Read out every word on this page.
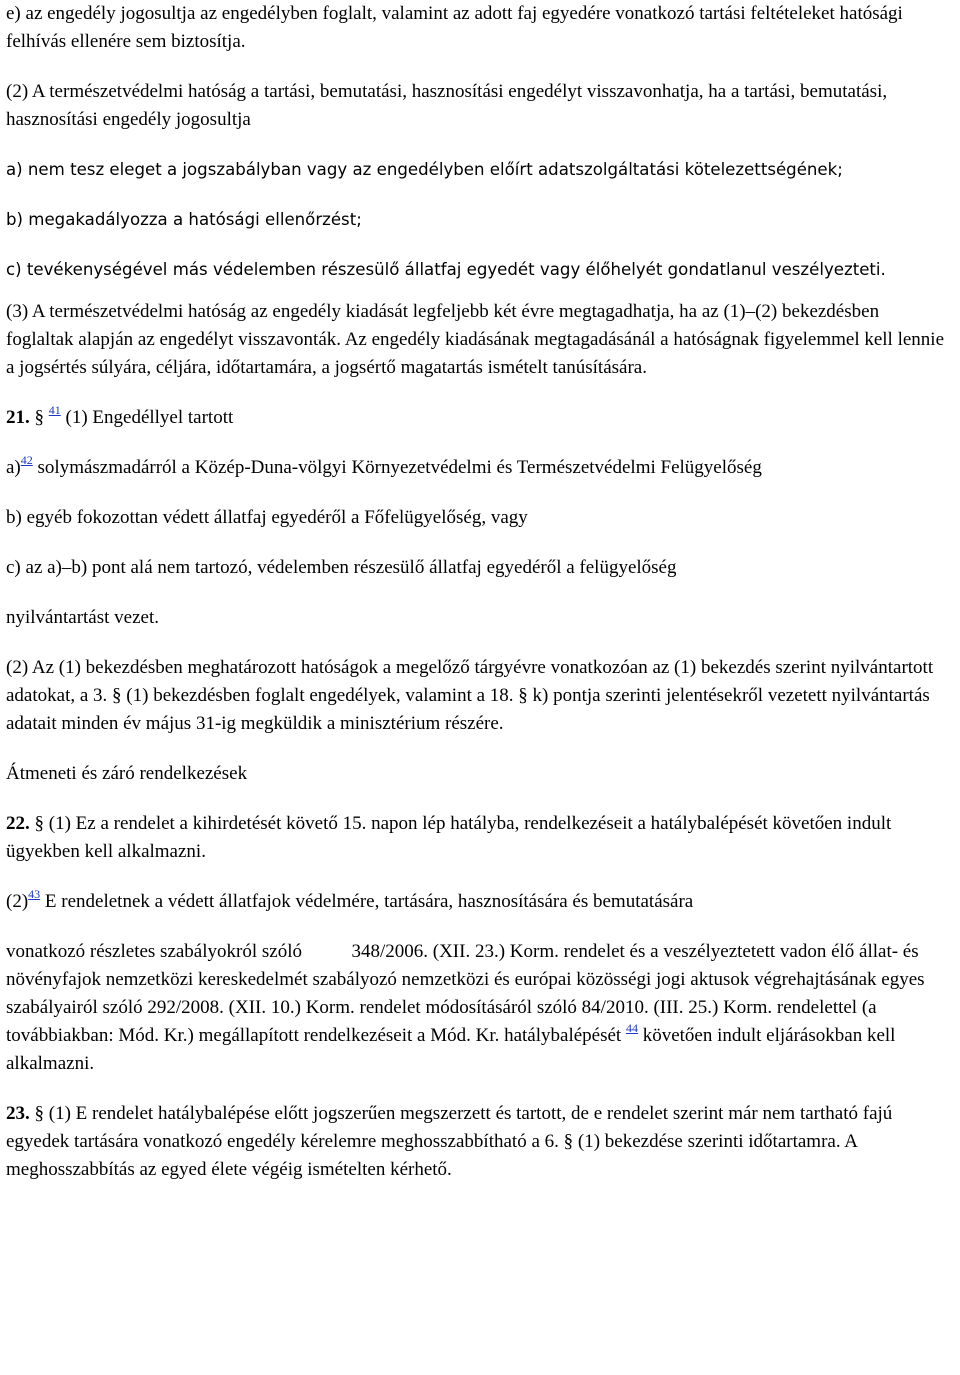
e) az engedély jogosultja az engedélyben foglalt, valamint az adott faj egyedére vonatkozó tartási feltételeket hatósági felhívás ellenére sem biztosítja.

(2) A természetvédelmi hatóság a tartási, bemutatási, hasznosítási engedélyt visszavonhatja, ha a tartási, bemutatási, hasznosítási engedély jogosultja

a) nem tesz eleget a jogszabályban vagy az engedélyben előírt adatszolgáltatási kötelezettségének;

b) megakadályozza a hatósági ellenőrzést;

c) tevékenységével más védelemben részesülő állatfaj egyedét vagy élőhelyét gondatlanul veszélyezteti.

(3) A természetvédelmi hatóság az engedély kiadását legfeljebb két évre megtagadhatja, ha az (1)–(2) bekezdésben foglaltak alapján az engedélyt visszavonták. Az engedély kiadásának megtagadásánál a hatóságnak figyelemmel kell lennie a jogsértés súlyára, céljára, időtartamára, a jogsértő magatartás ismételt tanúsítására.

21. § $^{41}$ (1) Engedéllyel tartott

a)$^{42}$ solymászmadárról a Közép-Duna-völgyi Környezetvédelmi és Természetvédelmi Felügyelőség

b) egyéb fokozottan védett állatfaj egyedéről a Főfelügyelőség, vagy

c) az a)–b) pont alá nem tartozó, védelemben részesülő állatfaj egyedéről a felügyelőség

nyilvántartást vezet.

(2) Az (1) bekezdésben meghatározott hatóságok a megelőző tárgyévre vonatkozóan az (1) bekezdés szerint nyilvántartott adatokat, a 3. § (1) bekezdésben foglalt engedélyek, valamint a 18. § k) pontja szerinti jelentésekről vezetett nyilvántartás adatait minden év május 31-ig megküldik a minisztérium részére.

Átmeneti és záró rendelkezések

22. § (1) Ez a rendelet a kihirdetését követő 15. napon lép hatályba, rendelkezéseit a hatálybalépését követően indult ügyekben kell alkalmazni.

(2)$^{43}$ E rendeletnek a védett állatfajok védelmére, tartására, hasznosítására és bemutatására

vonatkozó részletes szabályokról szóló	348/2006. (XII. 23.) Korm. rendelet és a veszélyeztetett vadon élő állat- és növényfajok nemzetközi kereskedelmét szabályozó nemzetközi és európai közösségi jogi aktusok végrehajtásának egyes szabályairól szóló 292/2008. (XII. 10.) Korm. rendelet módosításáról szóló 84/2010. (III. 25.) Korm. rendelettel (a továbbiakban: Mód. Kr.) megállapított rendelkezéseit a Mód. Kr. hatálybalépését $^{44}$ követően indult eljárásokban kell alkalmazni.

23. § (1) E rendelet hatálybalépése előtt jogszerűen megszerzett és tartott, de e rendelet szerint már nem tartható fajú egyedek tartására vonatkozó engedély kérelemre meghosszabbítható a 6. § (1) bekezdése szerinti időtartamra. A meghosszabbítás az egyed élete végéig ismételten kérhető.
